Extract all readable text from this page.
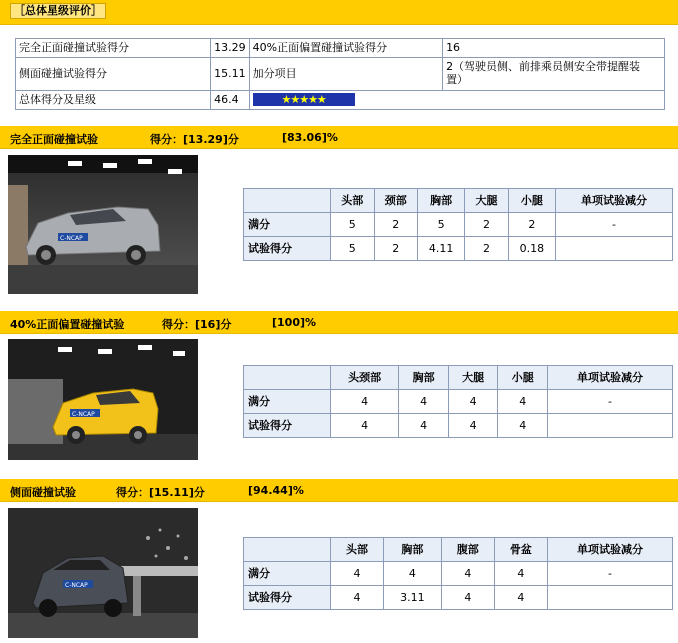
［总体星级评价］
完全正面碰撞试验得分	13.29	40%正面偏置碰撞试验得分	16
侧面碰撞试验得分	15.11	加分项目	2（驾驶员侧、前排乘员侧安全带提醒装
置）
总体得分及星级	46.4	★★★★★	
完全正面碰撞试验	得分：[13.29]分	[83.06]%
C-NCAP
	头部	颈部	胸部	大腿	小腿	单项试验减分
满分	5	2	5	2	2	-
试验得分	5	2	4.11	2	0.18	
40%正面偏置碰撞试验	得分：[16]分	[100]%
C-NCAP
	头颈部	胸部	大腿	小腿	单项试验减分
满分	4	4	4	4	-
试验得分	4	4	4	4	
侧面碰撞试验	得分：[15.11]分	[94.44]%
C-NCAP
	头部	胸部	腹部	骨盆	单项试验减分
满分	4	4	4	4	-
试验得分	4	3.11	4	4	
